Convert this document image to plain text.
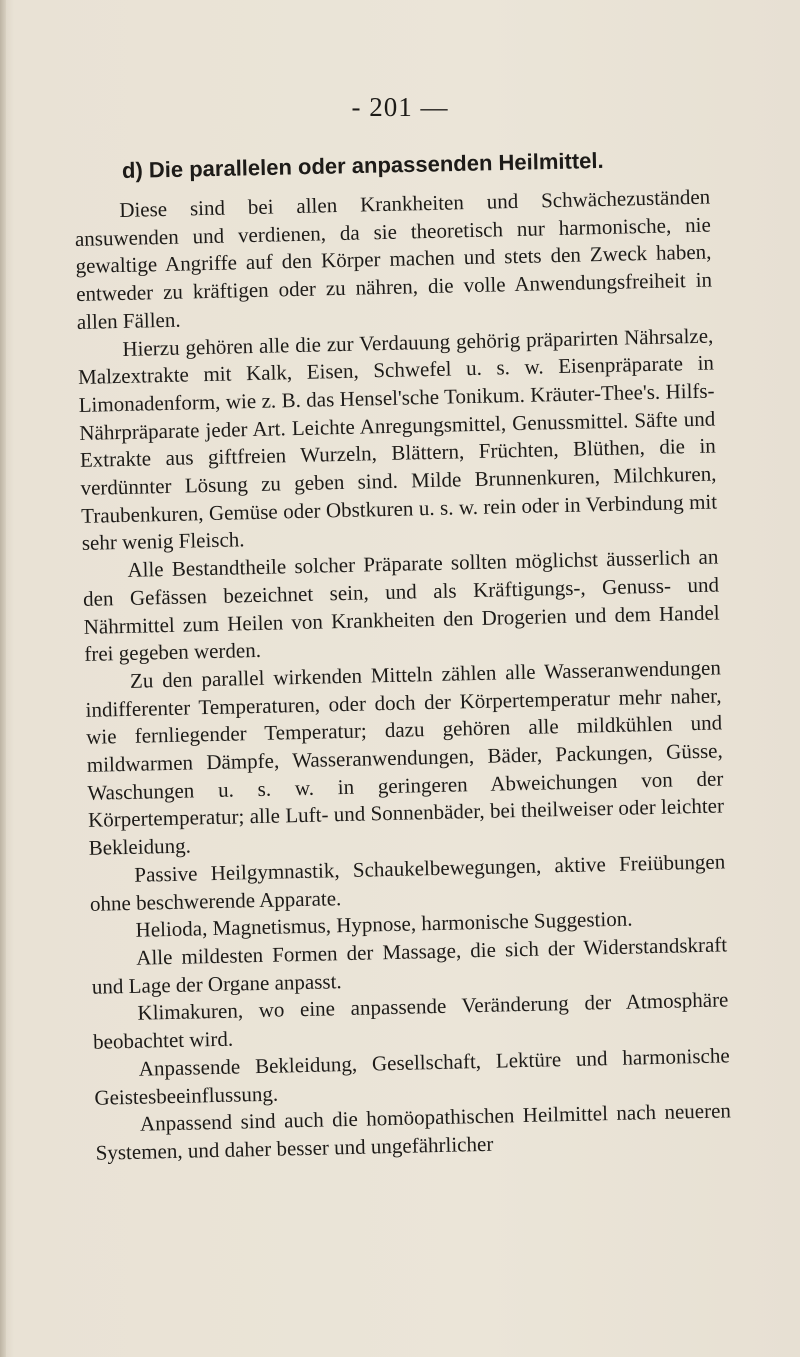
- 201 —
d) Die parallelen oder anpassenden Heilmittel.

Diese sind bei allen Krankheiten und Schwächezuständen ansuwenden und verdienen, da sie theoretisch nur harmonische, nie gewaltige Angriffe auf den Körper machen und stets den Zweck haben, entweder zu kräftigen oder zu nähren, die volle Anwendungsfreiheit in allen Fällen.

Hierzu gehören alle die zur Verdauung gehörig präparirten Nährsalze, Malzextrakte mit Kalk, Eisen, Schwefel u. s. w. Eisenpräparate in Limonadenform, wie z. B. das Hensel'sche Tonikum. Kräuter-Thee's. Hilfs-Nährpräparate jeder Art. Leichte Anregungsmittel, Genussmittel. Säfte und Extrakte aus giftfreien Wurzeln, Blättern, Früchten, Blüthen, die in verdünnter Lösung zu geben sind. Milde Brunnenkuren, Milchkuren, Traubenkuren, Gemüse oder Obstkuren u. s. w. rein oder in Verbindung mit sehr wenig Fleisch.

Alle Bestandtheile solcher Präparate sollten möglichst äusserlich an den Gefässen bezeichnet sein, und als Kräftigungs-, Genuss- und Nährmittel zum Heilen von Krankheiten den Drogerien und dem Handel frei gegeben werden.

Zu den parallel wirkenden Mitteln zählen alle Wasseranwendungen indifferenter Temperaturen, oder doch der Körpertemperatur mehr naher, wie fernliegender Temperatur; dazu gehören alle mildkühlen und mildwarmen Dämpfe, Wasseranwendungen, Bäder, Packungen, Güsse, Waschungen u. s. w. in geringeren Abweichungen von der Körpertemperatur; alle Luft- und Sonnenbäder, bei theilweiser oder leichter Bekleidung.

Passive Heilgymnastik, Schaukelbewegungen, aktive Freiübungen ohne beschwerende Apparate.

Helioda, Magnetismus, Hypnose, harmonische Suggestion.

Alle mildesten Formen der Massage, die sich der Widerstandskraft und Lage der Organe anpasst.

Klimakuren, wo eine anpassende Veränderung der Atmosphäre beobachtet wird.

Anpassende Bekleidung, Gesellschaft, Lektüre und harmonische Geistesbeeinflussung.

Anpassend sind auch die homöopathischen Heilmittel nach neueren Systemen, und daher besser und ungefährlicher
